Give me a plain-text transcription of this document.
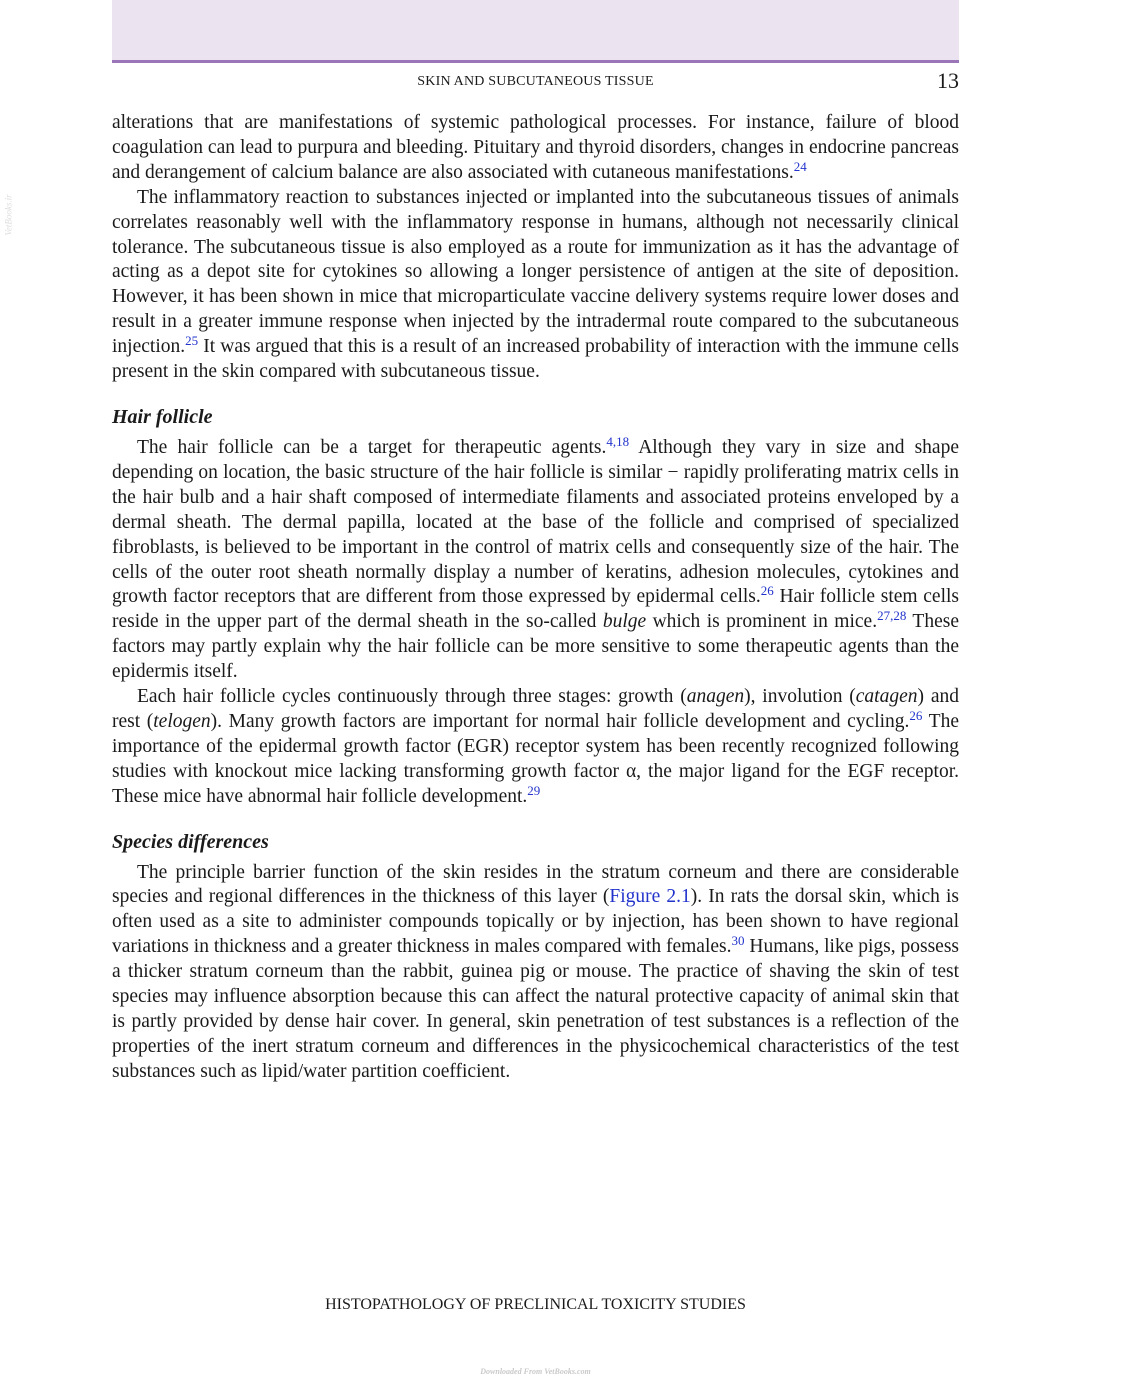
VetBooks.ir
SKIN AND SUBCUTANEOUS TISSUE	13

alterations that are manifestations of systemic pathological processes. For instance, failure of blood coagulation can lead to purpura and bleeding. Pituitary and thyroid disorders, changes in endocrine pancreas and derangement of calcium balance are also associated with cutaneous manifestations.$^{24}$

The inflammatory reaction to substances injected or implanted into the subcutaneous tissues of animals correlates reasonably well with the inflammatory response in humans, although not necessarily clinical tolerance. The subcutaneous tissue is also employed as a route for immunization as it has the advantage of acting as a depot site for cytokines so allowing a longer persistence of antigen at the site of deposition. However, it has been shown in mice that microparticulate vaccine delivery systems require lower doses and result in a greater immune response when injected by the intradermal route compared to the subcutaneous injection.$^{25}$ It was argued that this is a result of an increased probability of interaction with the immune cells present in the skin compared with subcutaneous tissue.

Hair follicle

The hair follicle can be a target for therapeutic agents.$^{4,18}$ Although they vary in size and shape depending on location, the basic structure of the hair follicle is similar − rapidly proliferating matrix cells in the hair bulb and a hair shaft composed of intermediate filaments and associated proteins enveloped by a dermal sheath. The dermal papilla, located at the base of the follicle and comprised of specialized fibroblasts, is believed to be important in the control of matrix cells and consequently size of the hair. The cells of the outer root sheath normally display a number of keratins, adhesion molecules, cytokines and growth factor receptors that are different from those expressed by epidermal cells.$^{26}$ Hair follicle stem cells reside in the upper part of the dermal sheath in the so-called bulge which is prominent in mice.$^{27,28}$ These factors may partly explain why the hair follicle can be more sensitive to some therapeutic agents than the epidermis itself.

Each hair follicle cycles continuously through three stages: growth (anagen), involution (catagen) and rest (telogen). Many growth factors are important for normal hair follicle development and cycling.$^{26}$ The importance of the epidermal growth factor (EGR) receptor system has been recently recognized following studies with knockout mice lacking transforming growth factor α, the major ligand for the EGF receptor. These mice have abnormal hair follicle development.$^{29}$

Species differences

The principle barrier function of the skin resides in the stratum corneum and there are considerable species and regional differences in the thickness of this layer (Figure 2.1). In rats the dorsal skin, which is often used as a site to administer compounds topically or by injection, has been shown to have regional variations in thickness and a greater thickness in males compared with females.$^{30}$ Humans, like pigs, possess a thicker stratum corneum than the rabbit, guinea pig or mouse. The practice of shaving the skin of test species may influence absorption because this can affect the natural protective capacity of animal skin that is partly provided by dense hair cover. In general, skin penetration of test substances is a reflection of the properties of the inert stratum corneum and differences in the physicochemical characteristics of the test substances such as lipid/water partition coefficient.

HISTOPATHOLOGY OF PRECLINICAL TOXICITY STUDIES
Downloaded From VetBooks.com
